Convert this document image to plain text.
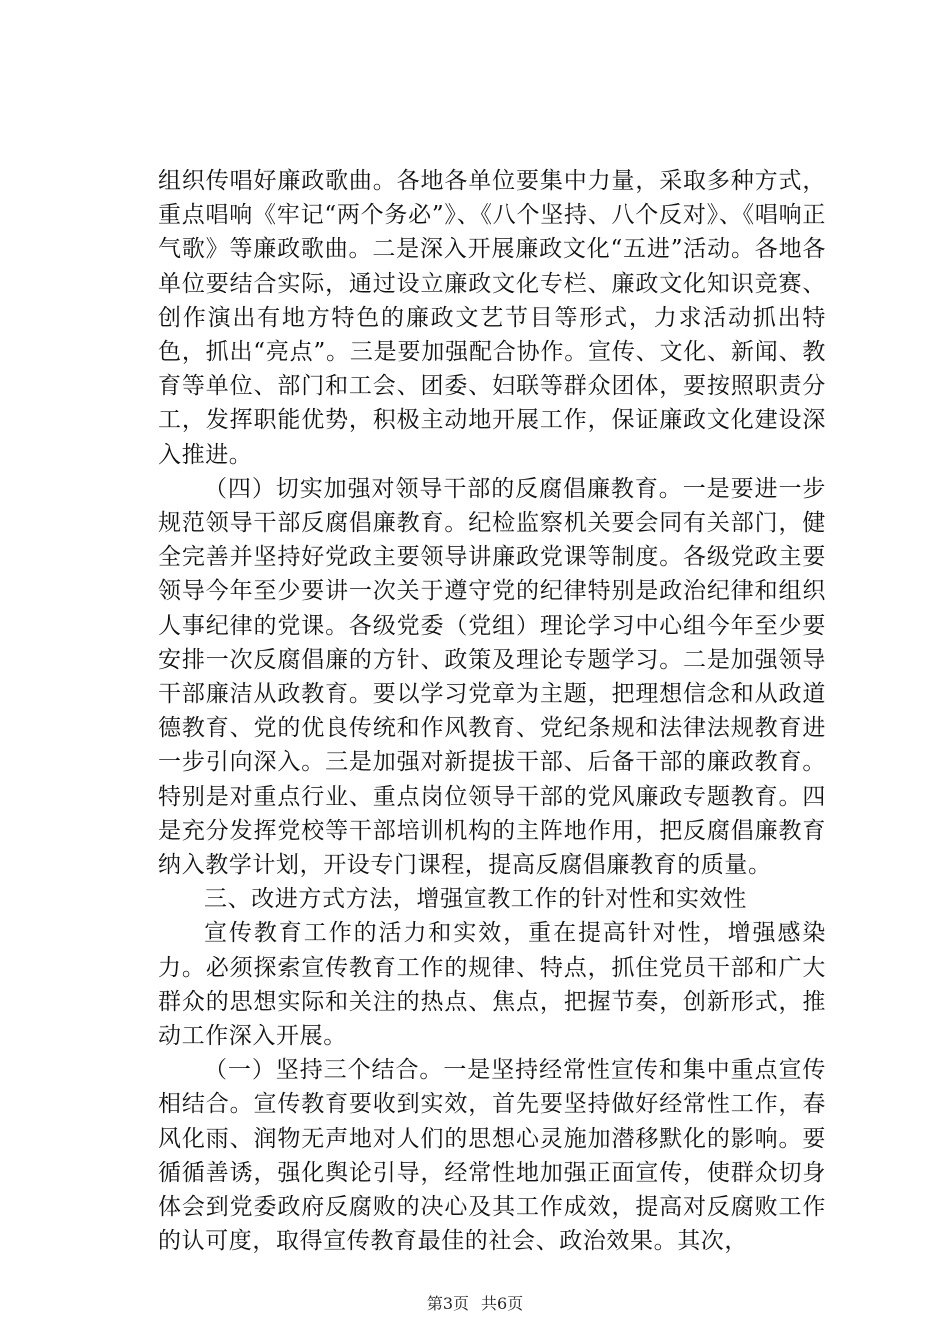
组织传唱好廉政歌曲。各地各单位要集中力量，采取多种方式，重点唱响《牢记“两个务必”》、《八个坚持、八个反对》、《唱响正气歌》等廉政歌曲。二是深入开展廉政文化“五进”活动。各地各单位要结合实际，通过设立廉政文化专栏、廉政文化知识竞赛、创作演出有地方特色的廉政文艺节目等形式，力求活动抓出特色，抓出“亮点”。三是要加强配合协作。宣传、文化、新闻、教育等单位、部门和工会、团委、妇联等群众团体，要按照职责分工，发挥职能优势，积极主动地开展工作，保证廉政文化建设深入推进。

（四）切实加强对领导干部的反腐倡廉教育。一是要进一步规范领导干部反腐倡廉教育。纪检监察机关要会同有关部门，健全完善并坚持好党政主要领导讲廉政党课等制度。各级党政主要领导今年至少要讲一次关于遵守党的纪律特别是政治纪律和组织人事纪律的党课。各级党委（党组）理论学习中心组今年至少要安排一次反腐倡廉的方针、政策及理论专题学习。二是加强领导干部廉洁从政教育。要以学习党章为主题，把理想信念和从政道德教育、党的优良传统和作风教育、党纪条规和法律法规教育进一步引向深入。三是加强对新提拔干部、后备干部的廉政教育。特别是对重点行业、重点岗位领导干部的党风廉政专题教育。四是充分发挥党校等干部培训机构的主阵地作用，把反腐倡廉教育纳入教学计划，开设专门课程，提高反腐倡廉教育的质量。

三、改进方式方法，增强宣教工作的针对性和实效性

宣传教育工作的活力和实效，重在提高针对性，增强感染力。必须探索宣传教育工作的规律、特点，抓住党员干部和广大群众的思想实际和关注的热点、焦点，把握节奏，创新形式，推动工作深入开展。

（一）坚持三个结合。一是坚持经常性宣传和集中重点宣传相结合。宣传教育要收到实效，首先要坚持做好经常性工作，春风化雨、润物无声地对人们的思想心灵施加潜移默化的影响。要循循善诱，强化舆论引导，经常性地加强正面宣传，使群众切身体会到党委政府反腐败的决心及其工作成效，提高对反腐败工作的认可度，取得宣传教育最佳的社会、政治效果。其次，

第3页 共6页
